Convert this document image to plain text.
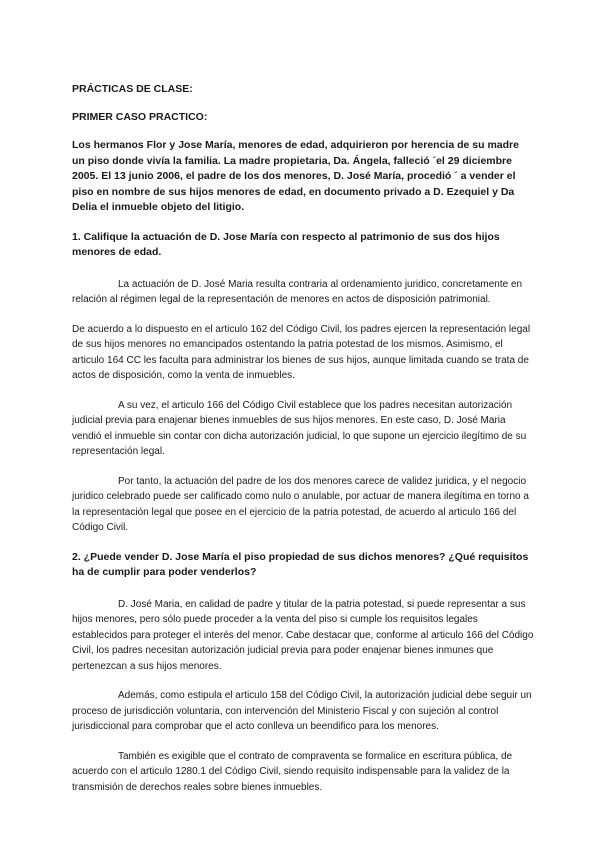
PRÁCTICAS DE CLASE:
PRIMER CASO PRACTICO:
Los hermanos Flor y Jose María, menores de edad, adquirieron por herencia de su madre un piso donde vivía la familia. La madre propietaria, Da. Ángela, falleció ´el 29 diciembre 2005. El 13 junio 2006, el padre de los dos menores, D. José María, procedió ´ a vender el piso en nombre de sus hijos menores de edad, en documento privado a D. Ezequiel y Da Delia el inmueble objeto del litigio.
1. Califique la actuación de D. Jose María con respecto al patrimonio de sus dos hijos menores de edad.

La actuación de D. José Maria resulta contraria al ordenamiento juridico, concretamente en relación al régimen legal de la representación de menores en actos de disposición patrimonial.

De acuerdo a lo dispuesto en el articulo 162 del Código Civil, los padres ejercen la representación legal de sus hijos menores no emancipados ostentando la patria potestad de los mismos. Asimismo, el articulo 164 CC les faculta para administrar los bienes de sus hijos, aunque limitada cuando se trata de actos de disposición, como la venta de inmuebles.

A su vez, el articulo 166 del Código Civil establece que los padres necesitan autorización judicial previa para enajenar bienes inmuebles de sus hijos menores. En este caso, D. José Maria vendió el inmueble sin contar con dicha autorización judicial, lo que supone un ejercicio ilegítimo de su representación legal.

Por tanto, la actuación del padre de los dos menores carece de validez juridica, y el negocio juridico celebrado puede ser calificado como nulo o anulable, por actuar de manera ilegítima en torno a la representación legal que posee en el ejercicio de la patria potestad, de acuerdo al articulo 166 del Código Civil.

2. ¿Puede vender D. Jose María el piso propiedad de sus dichos menores? ¿Qué requisitos ha de cumplir para poder venderlos?

D. José Maria, en calidad de padre y titular de la patria potestad, si puede representar a sus hijos menores, pero sólo puede proceder a la venta del piso si cumple los requisitos legales establecidos para proteger el interés del menor. Cabe destacar que, conforme al articulo 166 del Código Civil, los padres necesitan autorización judicial previa para poder enajenar bienes inmunes que pertenezcan a sus hijos menores.

Además, como estipula el articulo 158 del Código Civil, la autorización judicial debe seguir un proceso de jurisdicción voluntaria, con intervención del Ministerio Fiscal y con sujeción al control jurisdiccional para comprobar que el acto conlleva un beendifico para los menores.

También es exigible que el contrato de compraventa se formalice en escritura pública, de acuerdo con el articulo 1280.1 del Código Civil, siendo requisito indispensable para la validez de la transmisión de derechos reales sobre bienes inmuebles.
